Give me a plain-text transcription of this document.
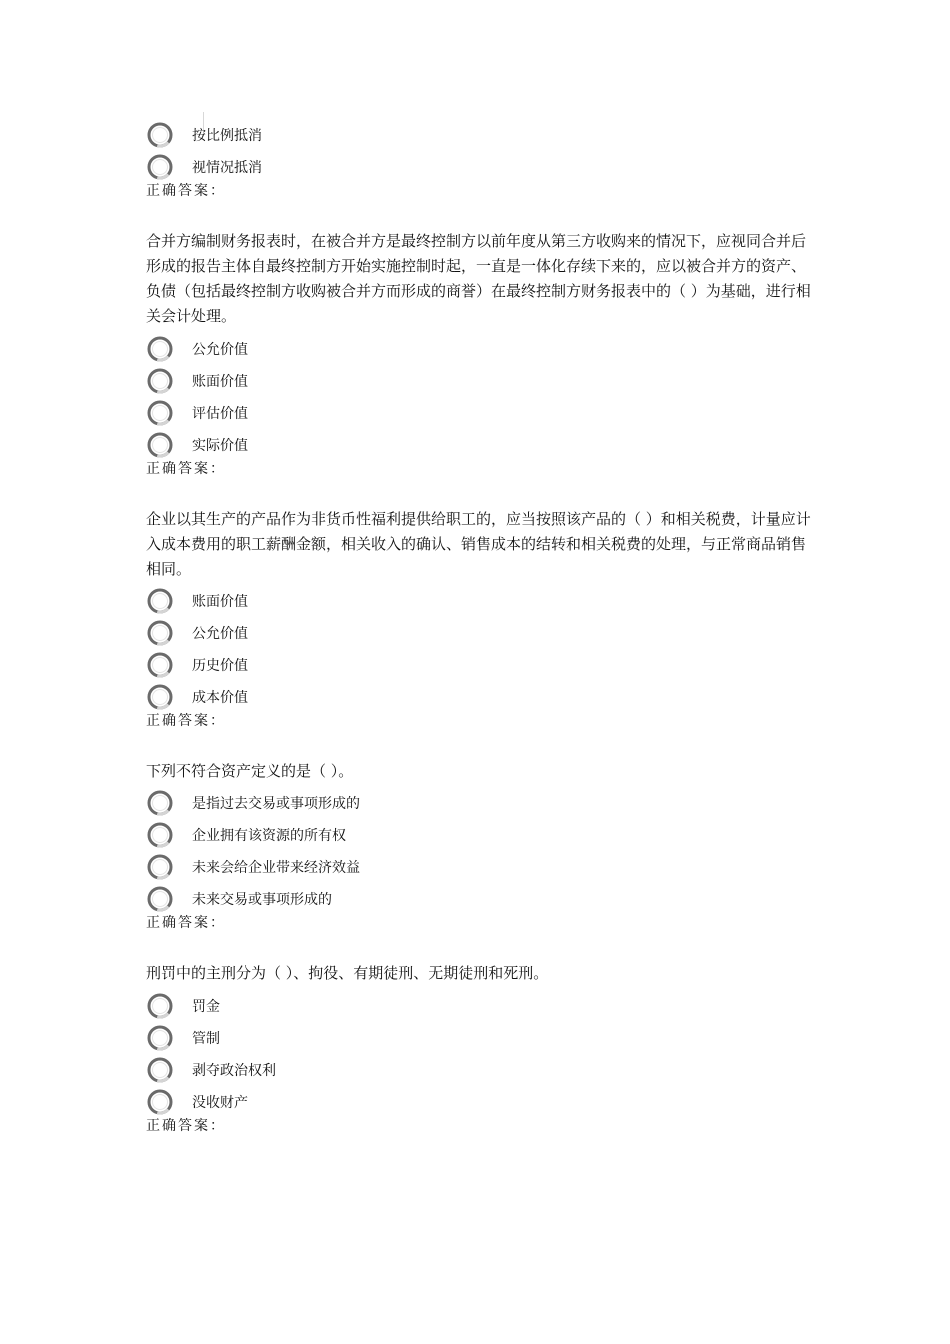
按比例抵消
视情况抵消
正确答案：

合并方编制财务报表时，在被合并方是最终控制方以前年度从第三方收购来的情况下，应视同合并后形成的报告主体自最终控制方开始实施控制时起，一直是一体化存续下来的，应以被合并方的资产、负债（包括最终控制方收购被合并方而形成的商誉）在最终控制方财务报表中的（ ）为基础，进行相关会计处理。

公允价值
账面价值
评估价值
实际价值
正确答案：

企业以其生产的产品作为非货币性福利提供给职工的，应当按照该产品的（ ）和相关税费，计量应计入成本费用的职工薪酬金额，相关收入的确认、销售成本的结转和相关税费的处理，与正常商品销售相同。

账面价值
公允价值
历史价值
成本价值
正确答案：

下列不符合资产定义的是（ ）。

是指过去交易或事项形成的
企业拥有该资源的所有权
未来会给企业带来经济效益
未来交易或事项形成的
正确答案：

刑罚中的主刑分为（ ）、拘役、有期徒刑、无期徒刑和死刑。

罚金
管制
剥夺政治权利
没收财产
正确答案：
